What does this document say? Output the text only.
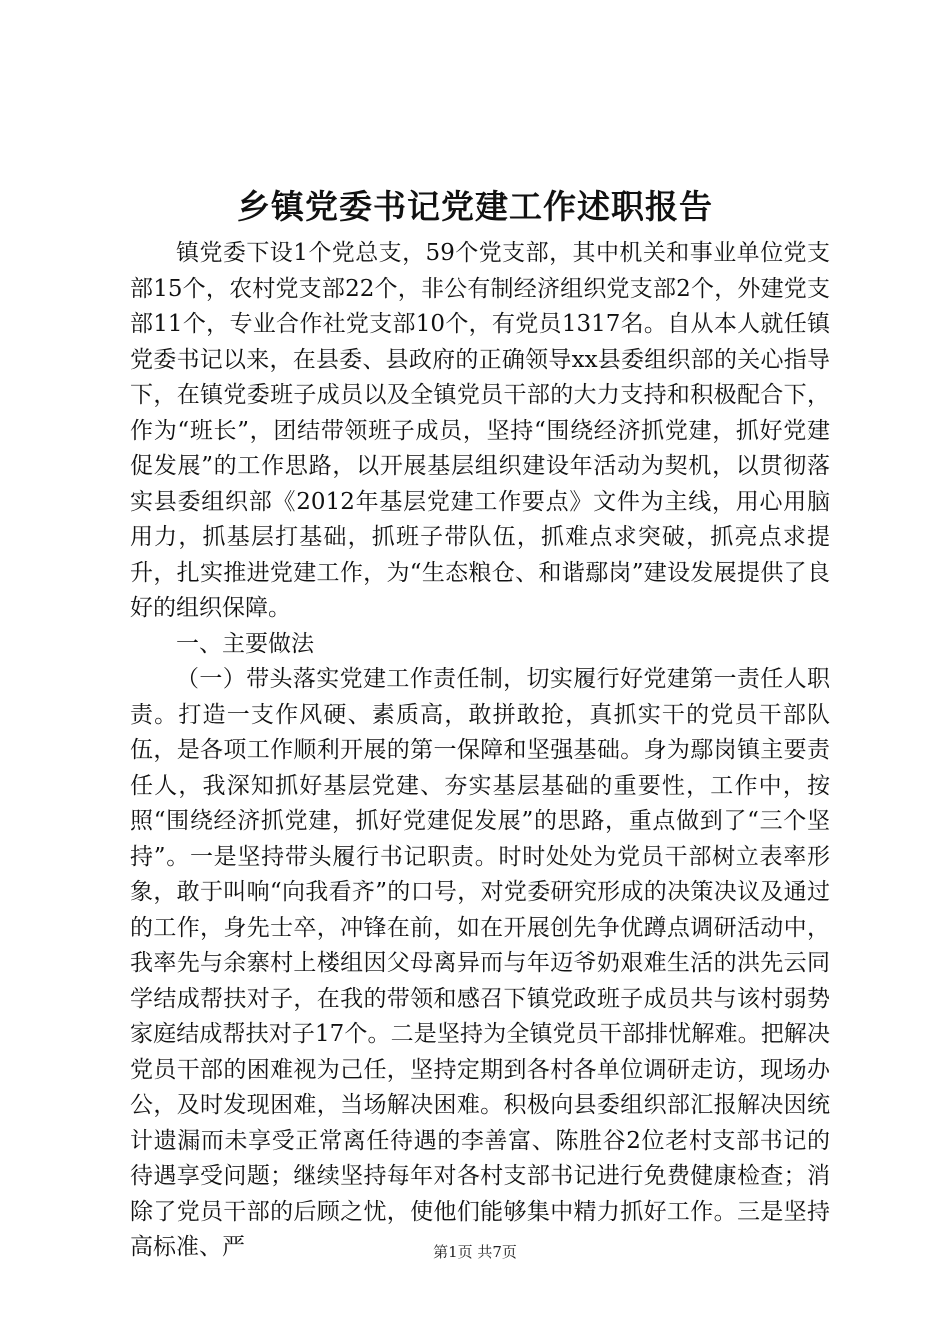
乡镇党委书记党建工作述职报告

镇党委下设1个党总支，59个党支部，其中机关和事业单位党支部15个，农村党支部22个，非公有制经济组织党支部2个，外建党支部11个，专业合作社党支部10个，有党员1317名。自从本人就任镇党委书记以来，在县委、县政府的正确领导xx县委组织部的关心指导下，在镇党委班子成员以及全镇党员干部的大力支持和积极配合下，作为“班长”，团结带领班子成员，坚持“围绕经济抓党建，抓好党建促发展”的工作思路，以开展基层组织建设年活动为契机，以贯彻落实县委组织部《2012年基层党建工作要点》文件为主线，用心用脑用力，抓基层打基础，抓班子带队伍，抓难点求突破，抓亮点求提升，扎实推进党建工作，为“生态粮仓、和谐鄢岗”建设发展提供了良好的组织保障。

一、主要做法

（一）带头落实党建工作责任制，切实履行好党建第一责任人职责。打造一支作风硬、素质高，敢拼敢抢，真抓实干的党员干部队伍，是各项工作顺利开展的第一保障和坚强基础。身为鄢岗镇主要责任人，我深知抓好基层党建、夯实基层基础的重要性，工作中，按照“围绕经济抓党建，抓好党建促发展”的思路，重点做到了“三个坚持”。一是坚持带头履行书记职责。时时处处为党员干部树立表率形象，敢于叫响“向我看齐”的口号，对党委研究形成的决策决议及通过的工作，身先士卒，冲锋在前，如在开展创先争优蹲点调研活动中，我率先与余寨村上楼组因父母离异而与年迈爷奶艰难生活的洪先云同学结成帮扶对子，在我的带领和感召下镇党政班子成员共与该村弱势家庭结成帮扶对子17个。二是坚持为全镇党员干部排忧解难。把解决党员干部的困难视为己任，坚持定期到各村各单位调研走访，现场办公，及时发现困难，当场解决困难。积极向县委组织部汇报解决因统计遗漏而未享受正常离任待遇的李善富、陈胜谷2位老村支部书记的待遇享受问题；继续坚持每年对各村支部书记进行免费健康检查；消除了党员干部的后顾之忧，使他们能够集中精力抓好工作。三是坚持高标准、严	第1页 共7页
